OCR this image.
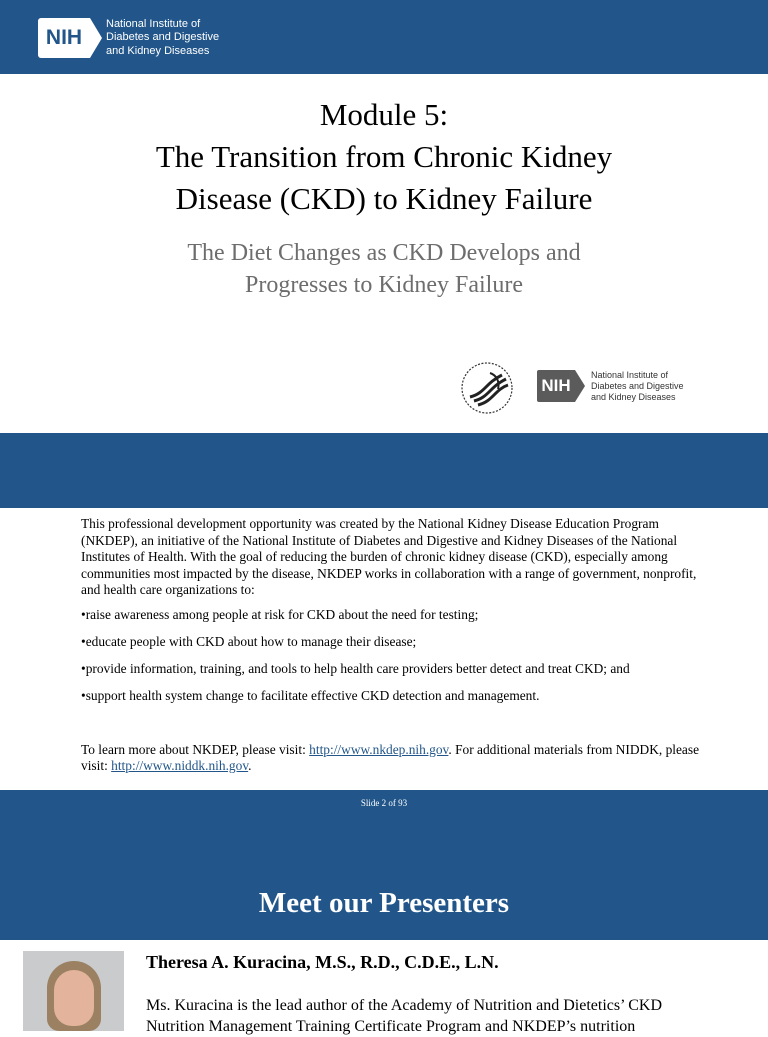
NIH
National Institute of
Diabetes and Digestive
and Kidney Diseases
Module 5:
The Transition from Chronic Kidney
Disease (CKD) to Kidney Failure
The Diet Changes as CKD Develops and
Progresses to Kidney Failure
NIH
National Institute of
Diabetes and Digestive
and Kidney Diseases

This professional development opportunity was created by the National Kidney Disease Education Program (NKDEP), an initiative of the National Institute of Diabetes and Digestive and Kidney Diseases of the National Institutes of Health. With the goal of reducing the burden of chronic kidney disease (CKD), especially among communities most impacted by the disease, NKDEP works in collaboration with a range of government, nonprofit, and health care organizations to:

•raise awareness among people at risk for CKD about the need for testing;

•educate people with CKD about how to manage their disease;

•provide information, training, and tools to help health care providers better detect and treat CKD; and

•support health system change to facilitate effective CKD detection and management.

To learn more about NKDEP, please visit: http://www.nkdep.nih.gov. For additional materials from NIDDK, please visit: http://www.niddk.nih.gov.

Slide 2 of 93
Meet our Presenters
Theresa A. Kuracina, M.S., R.D., C.D.E., L.N.
Ms. Kuracina is the lead author of the Academy of Nutrition and Dietetics’ CKD Nutrition Management Training Certificate Program and NKDEP’s nutrition
